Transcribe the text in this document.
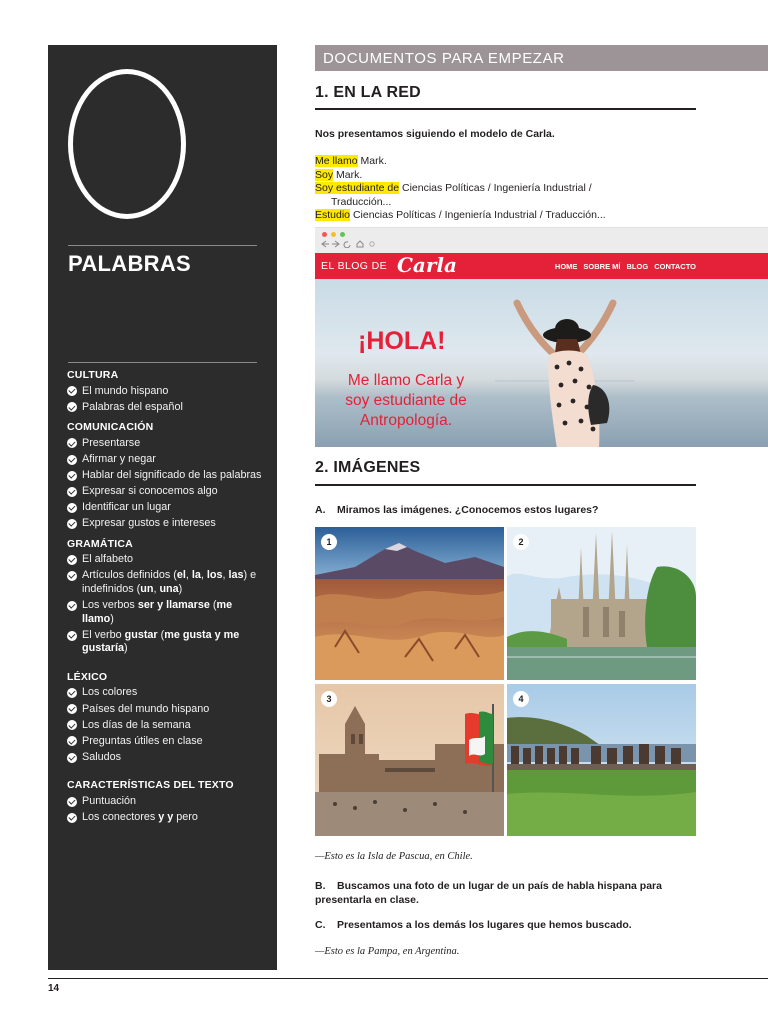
PALABRAS
CULTURA
El mundo hispano
Palabras del español
COMUNICACIÓN
Presentarse
Afirmar y negar
Hablar del significado de las palabras
Expresar si conocemos algo
Identificar un lugar
Expresar gustos e intereses
GRAMÁTICA
El alfabeto
Artículos definidos (el, la, los, las) e indefinidos (un, una)
Los verbos ser y llamarse (me llamo)
El verbo gustar (me gusta y me gustaría)
LÉXICO
Los colores
Países del mundo hispano
Los días de la semana
Preguntas útiles en clase
Saludos
CARACTERÍSTICAS DEL TEXTO
Puntuación
Los conectores y y pero
DOCUMENTOS PARA EMPEZAR
1. EN LA RED
Nos presentamos siguiendo el modelo de Carla.
Me llamo Mark.
Soy Mark.
Soy estudiante de Ciencias Políticas / Ingeniería Industrial /
Traducción...
Estudio Ciencias Políticas / Ingeniería Industrial / Traducción...
EL BLOG DE Carla	HOME SOBRE MÍ BLOG CONTACTO
¡HOLA!
Me llamo Carla y
soy estudiante de
Antropología.
2. IMÁGENES
A. Miramos las imágenes. ¿Conocemos estos lugares?
1	2
3	4
—Esto es la Isla de Pascua, en Chile.
B. Buscamos una foto de un lugar de un país de habla hispana para
presentarla en clase.
C. Presentamos a los demás los lugares que hemos buscado.
—Esto es la Pampa, en Argentina.
14
